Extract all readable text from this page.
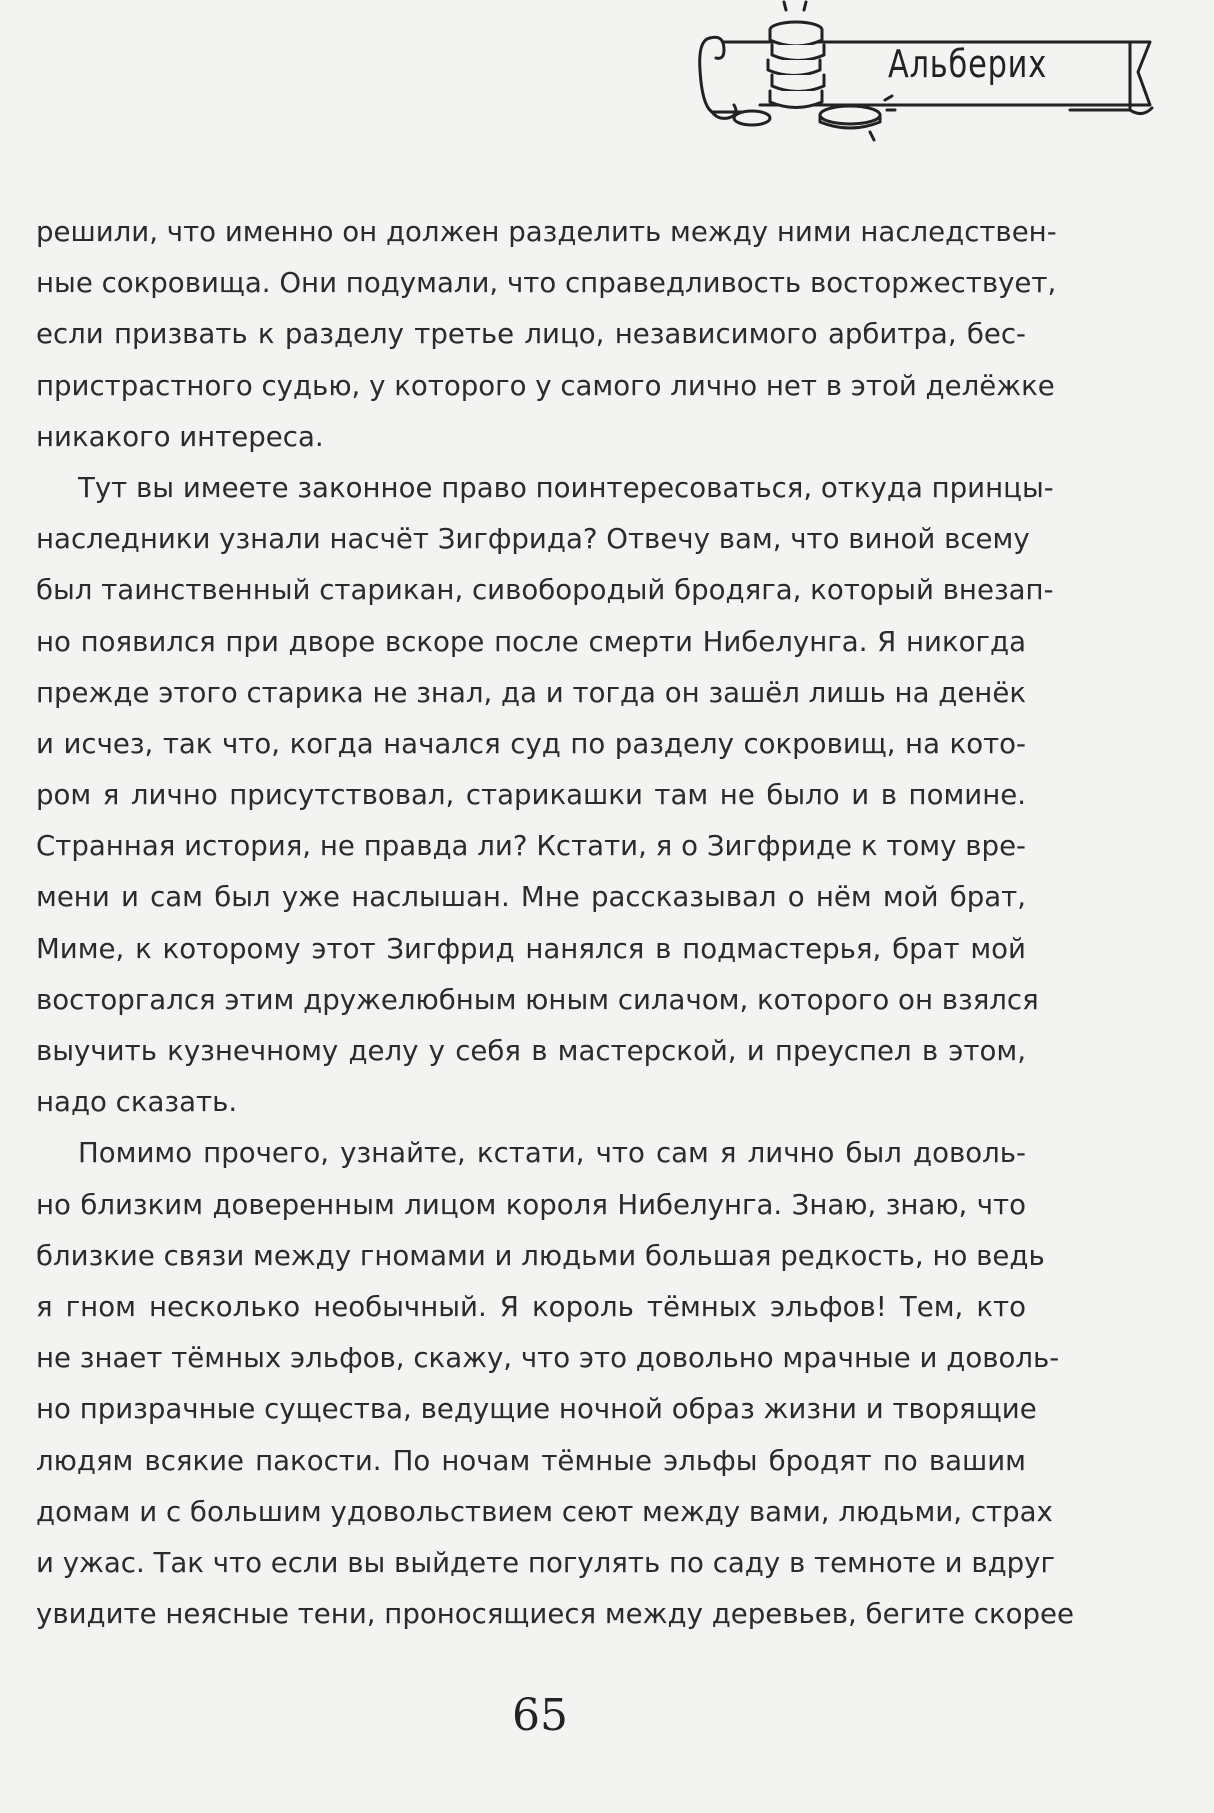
Альберих
решили, что именно он должен разделить между ними наследствен-
ные сокровища. Они подумали, что справедливость восторжествует,
если призвать к разделу третье лицо, независимого арбитра, бес-
пристрастного судью, у которого у самого лично нет в этой делёжке
никакого интереса.
Тут вы имеете законное право поинтересоваться, откуда принцы-
наследники узнали насчёт Зигфрида? Отвечу вам, что виной всему
был таинственный старикан, сивобородый бродяга, который внезап-
но появился при дворе вскоре после смерти Нибелунга. Я никогда
прежде этого старика не знал, да и тогда он зашёл лишь на денёк
и исчез, так что, когда начался суд по разделу сокровищ, на кото-
ром я лично присутствовал, старикашки там не было и в помине.
Странная история, не правда ли? Кстати, я о Зигфриде к тому вре-
мени и сам был уже наслышан. Мне рассказывал о нём мой брат,
Миме, к которому этот Зигфрид нанялся в подмастерья, брат мой
восторгался этим дружелюбным юным силачом, которого он взялся
выучить кузнечному делу у себя в мастерской, и преуспел в этом,
надо сказать.
Помимо прочего, узнайте, кстати, что сам я лично был доволь-
но близким доверенным лицом короля Нибелунга. Знаю, знаю, что
близкие связи между гномами и людьми большая редкость, но ведь
я гном несколько необычный. Я король тёмных эльфов! Тем, кто
не знает тёмных эльфов, скажу, что это довольно мрачные и доволь-
но призрачные существа, ведущие ночной образ жизни и творящие
людям всякие пакости. По ночам тёмные эльфы бродят по вашим
домам и с большим удовольствием сеют между вами, людьми, страх
и ужас. Так что если вы выйдете погулять по саду в темноте и вдруг
увидите неясные тени, проносящиеся между деревьев, бегите скорее
65
